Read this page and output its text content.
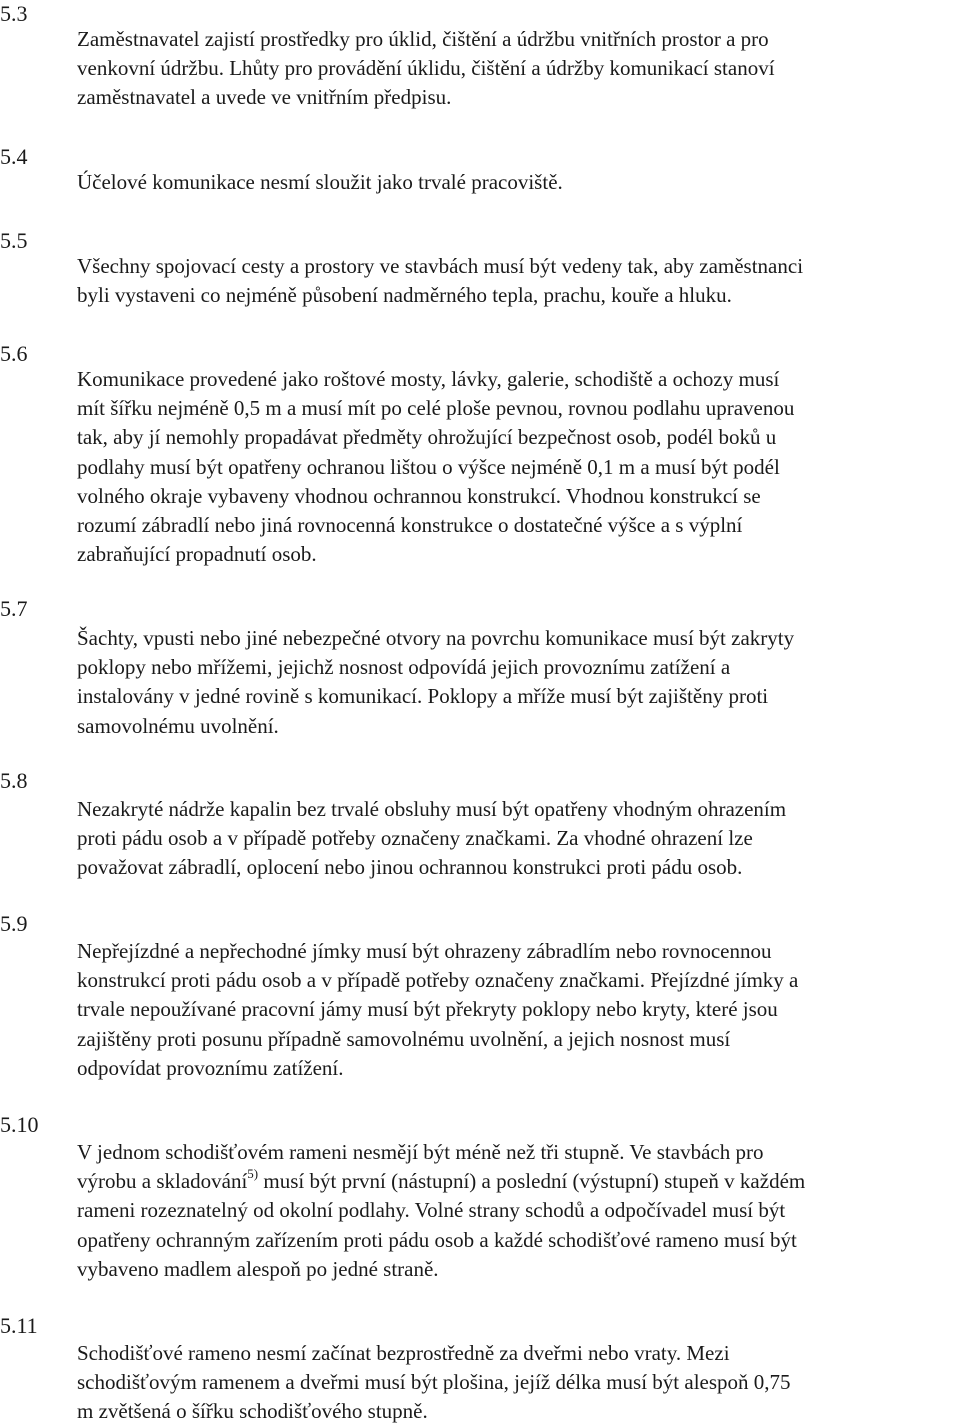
5.3
Zaměstnavatel zajistí prostředky pro úklid, čištění a údržbu vnitřních prostor a pro
venkovní údržbu. Lhůty pro provádění úklidu, čištění a údržby komunikací stanoví
zaměstnavatel a uvede ve vnitřním předpisu.
5.4
Účelové komunikace nesmí sloužit jako trvalé pracoviště.
5.5
Všechny spojovací cesty a prostory ve stavbách musí být vedeny tak, aby zaměstnanci
byli vystaveni co nejméně působení nadměrného tepla, prachu, kouře a hluku.
5.6
Komunikace provedené jako roštové mosty, lávky, galerie, schodiště a ochozy musí
mít šířku nejméně 0,5 m a musí mít po celé ploše pevnou, rovnou podlahu upravenou
tak, aby jí nemohly propadávat předměty ohrožující bezpečnost osob, podél boků u
podlahy musí být opatřeny ochranou lištou o výšce nejméně 0,1 m a musí být podél
volného okraje vybaveny vhodnou ochrannou konstrukcí. Vhodnou konstrukcí se
rozumí zábradlí nebo jiná rovnocenná konstrukce o dostatečné výšce a s výplní
zabraňující propadnutí osob.
5.7
Šachty, vpusti nebo jiné nebezpečné otvory na povrchu komunikace musí být zakryty
poklopy nebo mřížemi, jejichž nosnost odpovídá jejich provoznímu zatížení a
instalovány v jedné rovině s komunikací. Poklopy a mříže musí být zajištěny proti
samovolnému uvolnění.
5.8
Nezakryté nádrže kapalin bez trvalé obsluhy musí být opatřeny vhodným ohrazením
proti pádu osob a v případě potřeby označeny značkami. Za vhodné ohrazení lze
považovat zábradlí, oplocení nebo jinou ochrannou konstrukci proti pádu osob.
5.9
Nepřejízdné a nepřechodné jímky musí být ohrazeny zábradlím nebo rovnocennou
konstrukcí proti pádu osob a v případě potřeby označeny značkami. Přejízdné jímky a
trvale nepoužívané pracovní jámy musí být překryty poklopy nebo kryty, které jsou
zajištěny proti posunu případně samovolnému uvolnění, a jejich nosnost musí
odpovídat provoznímu zatížení.
5.10
V jednom schodišťovém rameni nesmějí být méně než tři stupně. Ve stavbách pro
výrobu a skladování$^{5)}$ musí být první (nástupní) a poslední (výstupní) stupeň v každém
rameni rozeznatelný od okolní podlahy. Volné strany schodů a odpočívadel musí být
opatřeny ochranným zařízením proti pádu osob a každé schodišťové rameno musí být
vybaveno madlem alespoň po jedné straně.
5.11
Schodišťové rameno nesmí začínat bezprostředně za dveřmi nebo vraty. Mezi
schodišťovým ramenem a dveřmi musí být plošina, jejíž délka musí být alespoň 0,75
m zvětšená o šířku schodišťového stupně.
